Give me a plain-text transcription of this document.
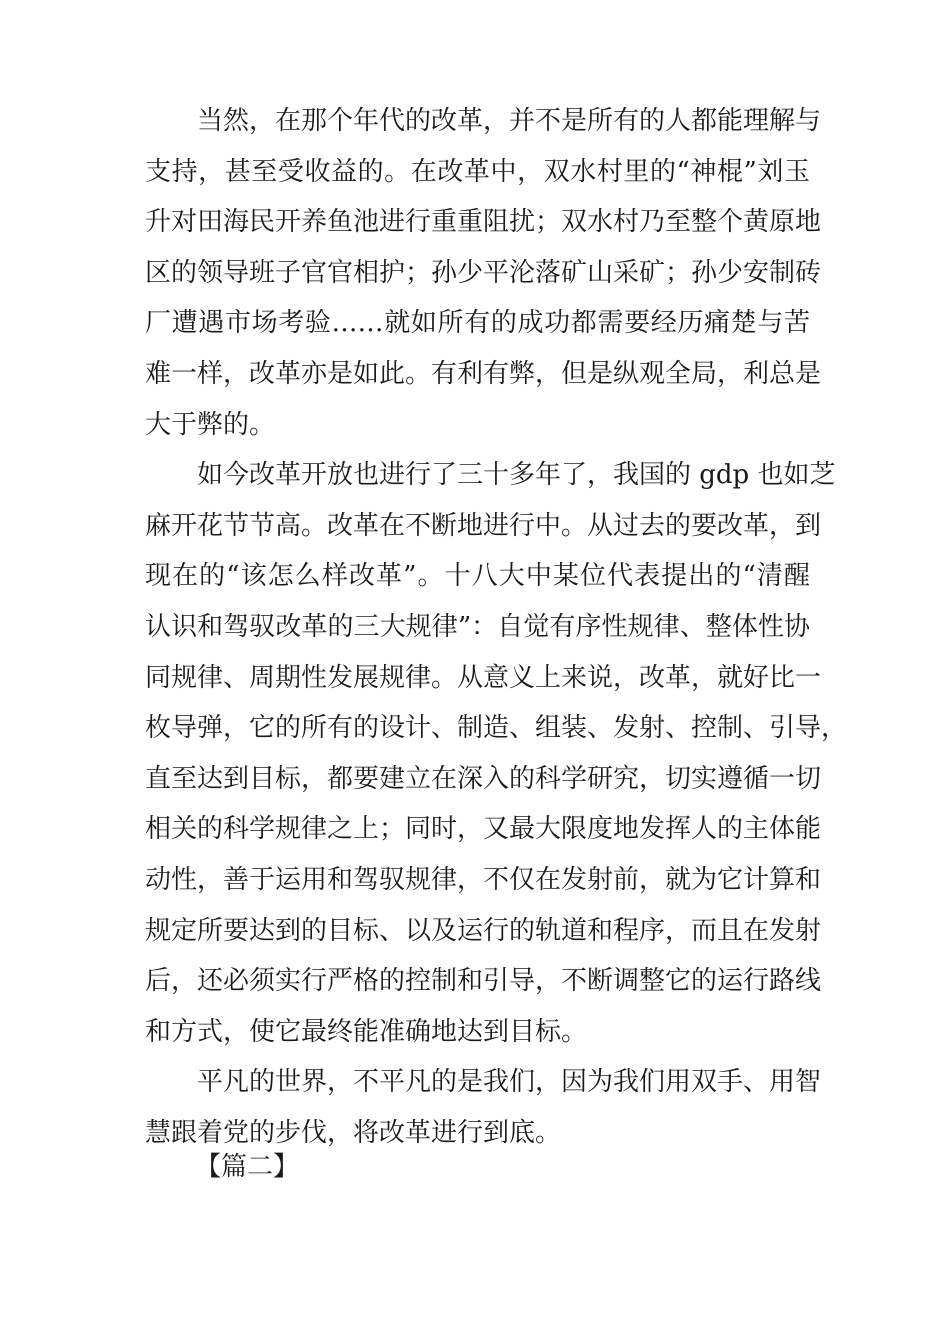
当然，在那个年代的改革，并不是所有的人都能理解与
支持，甚至受收益的。在改革中，双水村里的“神棍”刘玉
升对田海民开养鱼池进行重重阻扰；双水村乃至整个黄原地
区的领导班子官官相护；孙少平沦落矿山采矿；孙少安制砖
厂遭遇市场考验……就如所有的成功都需要经历痛楚与苦
难一样，改革亦是如此。有利有弊，但是纵观全局，利总是
大于弊的。
如今改革开放也进行了三十多年了，我国的 gdp 也如芝
麻开花节节高。改革在不断地进行中。从过去的要改革，到
现在的“该怎么样改革”。十八大中某位代表提出的“清醒
认识和驾驭改革的三大规律”：自觉有序性规律、整体性协
同规律、周期性发展规律。从意义上来说，改革，就好比一
枚导弹，它的所有的设计、制造、组装、发射、控制、引导，
直至达到目标，都要建立在深入的科学研究，切实遵循一切
相关的科学规律之上；同时，又最大限度地发挥人的主体能
动性，善于运用和驾驭规律，不仅在发射前，就为它计算和
规定所要达到的目标、以及运行的轨道和程序，而且在发射
后，还必须实行严格的控制和引导，不断调整它的运行路线
和方式，使它最终能准确地达到目标。
平凡的世界，不平凡的是我们，因为我们用双手、用智
慧跟着党的步伐，将改革进行到底。
【篇二】
